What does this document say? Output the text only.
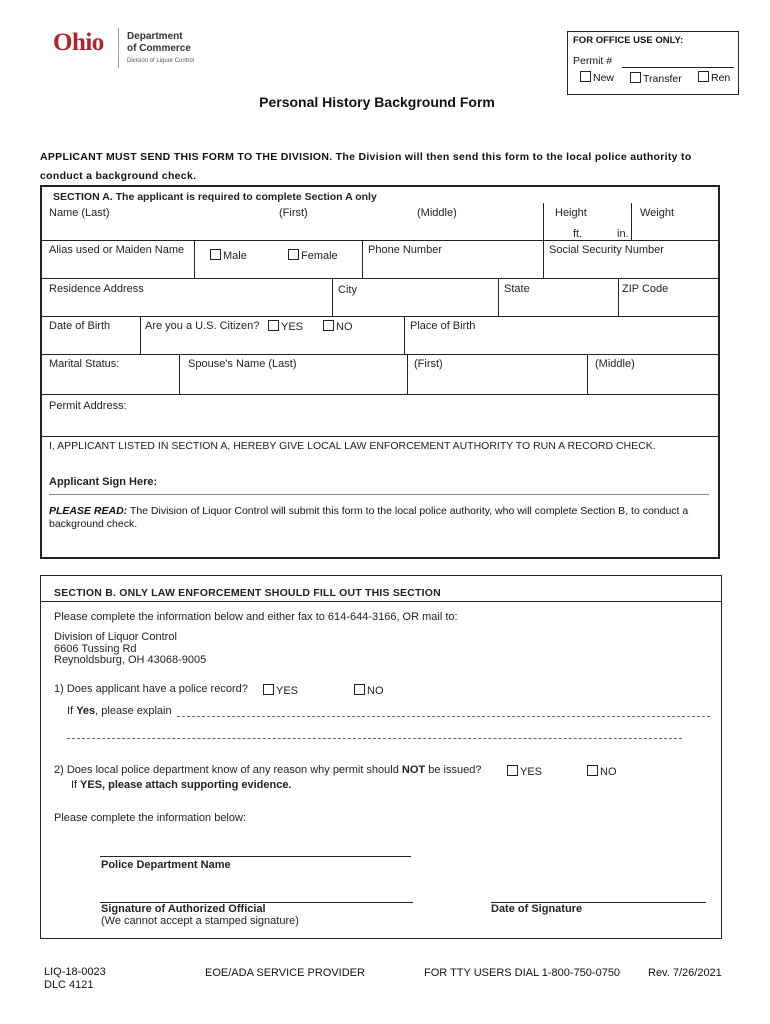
Ohio Department
of Commerce
Division of Liquor Control
FOR OFFICE USE ONLY:
Permit #
New	Transfer	Ren
Personal History Background Form
APPLICANT MUST SEND THIS FORM TO THE DIVISION. The Division will then send this form to the local police authority to conduct a background check.
SECTION A. The applicant is required to complete Section A only
Name (Last)	(First)	(Middle)	Height	Weight
ft.	in.
Alias used or Maiden Name	Male	Female	Phone Number	Social Security Number
Residence Address	City	State	ZIP Code
Date of Birth	Are you a U.S. Citizen?	YES	NO	Place of Birth
Marital Status:	Spouse's Name (Last)	(First)	(Middle)
Permit Address:
I, APPLICANT LISTED IN SECTION A, HEREBY GIVE LOCAL LAW ENFORCEMENT AUTHORITY TO RUN A RECORD CHECK.
Applicant Sign Here:
PLEASE READ: The Division of Liquor Control will submit this form to the local police authority, who will complete Section B, to conduct a background check.
SECTION B. ONLY LAW ENFORCEMENT SHOULD FILL OUT THIS SECTION
Please complete the information below and either fax to 614-644-3166, OR mail to:
Division of Liquor Control
6606 Tussing Rd
Reynoldsburg, OH 43068-9005
1) Does applicant have a police record?	YES	NO
If Yes, please explain
2) Does local police department know of any reason why permit should NOT be issued?	YES	NO
If YES, please attach supporting evidence.
Please complete the information below:
Police Department Name
Signature of Authorized Official
(We cannot accept a stamped signature)
Date of Signature
LIQ-18-0023
DLC 4121
EOE/ADA SERVICE PROVIDER	FOR TTY USERS DIAL 1-800-750-0750	Rev. 7/26/2021
